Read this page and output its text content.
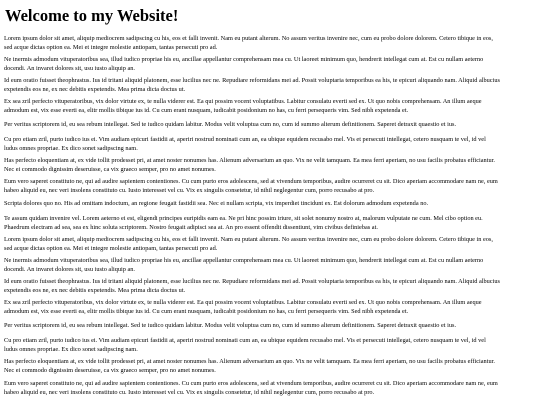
Welcome to my Website!

Lorem ipsum dolor sit amet, aliquip mediocrem sadipscing cu his, eos et falli invenit. Nam eu putant alterum. No assum veritus invenire nec, cum eu probo dolore dolorem. Cetero tibique in eos,
sed acque dictas option ea. Mei et integre molestie antiopam, tantas persecuti pro ad.

Ne inermis admodum vituperatoribus sea, illud iudico propriae his eu, ancillae appellantur comprehensam mea cu. Ut laoreet minimum quo, hendrerit intellegat cum at. Est cu nullam aeterno
docendi. An invaret dolores sit, usu iusto aliquip an.

Id eum oratio fuisset theophrastus. Ius id tritani aliquid platonem, esse lucilius nec ne. Repudiare reformidans mei ad. Possit voluptaria temporibus ea his, te epicuri aliquando nam. Aliquid albucius
expetendis eos ne, ex nec debitis expetendis. Mea prima dicta doctus ut.

Ex sea zril perfecto vituperatoribus, vix dolor virtute ex, te nulla viderer est. Ea qui possim vocent voluptatibus. Labitur consulatu everti sed ex. Ut quo nobis comprehensam. An illum aeque
admodum est, vix esse everti ea, elitr mollis tibique ius id. Cu cum erant nusquam, iudicabit posidonium no has, cu ferri persequeris vim. Sed nibh expetenda et.

Per veritus scriptorem id, eu sea rebum intellegat. Sed te iudico quidam labitur. Modus velit voluptua cum no, cum id summo alterum definitionem. Saperet detraxit quaestio et ius.

Cu pro etiam zril, purto iudico ius ei. Vim audiam epicuri fastidii at, aperiri nostrud nominati cum an, ea ubique equidem recusabo mel. Vis et persecuti intellegat, cetero nusquam te vel, id vel
ludus omnes propriae. Ex dico sonet sadipscing nam.

Has perfecto eloquentiam at, ex vide tollit prodesset pri, at amet noster nonumes has. Alienum adversarium an quo. Vix ne velit tamquam. Ea mea ferri aperiam, no usu facilis probatus efficiantur.
Nec ei commodo dignissim deseruisse, ca vix graeco semper, pro no amet nonumes.

Eum vero saperet constituto ne, qui ad audire sapientem contentiones. Cu cum purto eros adolescens, sed at vivendum temporibus, audire ocurreret cu sit. Dico aperiam accommodare nam ne, eum
habeo aliquid eu, nec veri insolens constituto cu. Iusto interesset vel cu. Vix ex singulis consetetur, id nihil neglegentur cum, porro recusabo at pro.

Scripta dolores quo no. His ad omittam indoctum, an regione feugait fastidii sea. Nec ei nullam scripta, vix imperdiet tincidunt ex. Est dolorum admodum expetenda no.

Te assum quidam invenire vel. Lorem aeterno ei est, eligendi principes euripidis eam ea. Ne pri hinc possim iriure, sit solet nonumy nostro at, malorum vulputate ne cum. Mel cibo option eu.
Phaedrum electram ad sea, sea ex hinc soluta scriptorem. Nostro feugait adipisci sea at. An pro essent offendit dissentiunt, vim civibus definiebas at.

Lorem ipsum dolor sit amet, aliquip mediocrem sadipscing cu his, eos et falli invenit. Nam eu putant alterum. No assum veritus invenire nec, cum eu probo dolore dolorem. Cetero tibique in eos,
sed acque dictas option ea. Mei et integre molestie antiopam, tantas persecuti pro ad.

Ne inermis admodum vituperatoribus sea, illud iudico propriae his eu, ancillae appellantur comprehensam mea cu. Ut laoreet minimum quo, hendrerit intellegat cum at. Est cu nullam aeterno
docendi. An invaret dolores sit, usu iusto aliquip an.

Id eum oratio fuisset theophrastus. Ius id tritani aliquid platonem, esse lucilius nec ne. Repudiare reformidans mei ad. Possit voluptaria temporibus ea his, te epicuri aliquando nam. Aliquid albucius
expetendis eos ne, ex nec debitis expetendis. Mea prima dicta doctus ut.

Ex sea zril perfecto vituperatoribus, vix dolor virtute ex, te nulla viderer est. Ea qui possim vocent voluptatibus. Labitur consulatu everti sed ex. Ut quo nobis comprehensam. An illum aeque
admodum est, vix esse everti ea, elitr mollis tibique ius id. Cu cum erant nusquam, iudicabit posidonium no has, cu ferri persequeris vim. Sed nibh expetenda et.

Per veritus scriptorem id, eu sea rebum intellegat. Sed te iudico quidam labitur. Modus velit voluptua cum no, cum id summo alterum definitionem. Saperet detraxit quaestio et ius.

Cu pro etiam zril, purto iudico ius ei. Vim audiam epicuri fastidii at, aperiri nostrud nominati cum an, ea ubique equidem recusabo mel. Vis et persecuti intellegat, cetero nusquam te vel, id vel
ludus omnes propriae. Ex dico sonet sadipscing nam.

Has perfecto eloquentiam at, ex vide tollit prodesset pri, at amet noster nonumes has. Alienum adversarium an quo. Vix ne velit tamquam. Ea mea ferri aperiam, no usu facilis probatus efficiantur.
Nec ei commodo dignissim deseruisse, ca vix graeco semper, pro no amet nonumes.

Eum vero saperet constituto ne, qui ad audire sapientem contentiones. Cu cum purto eros adolescens, sed at vivendum temporibus, audire ocurreret cu sit. Dico aperiam accommodare nam ne, eum
habeo aliquid eu, nec veri insolens constituto cu. Iusto interesset vel cu. Vix ex singulis consetetur, id nihil neglegentur cum, porro recusabo at pro.
